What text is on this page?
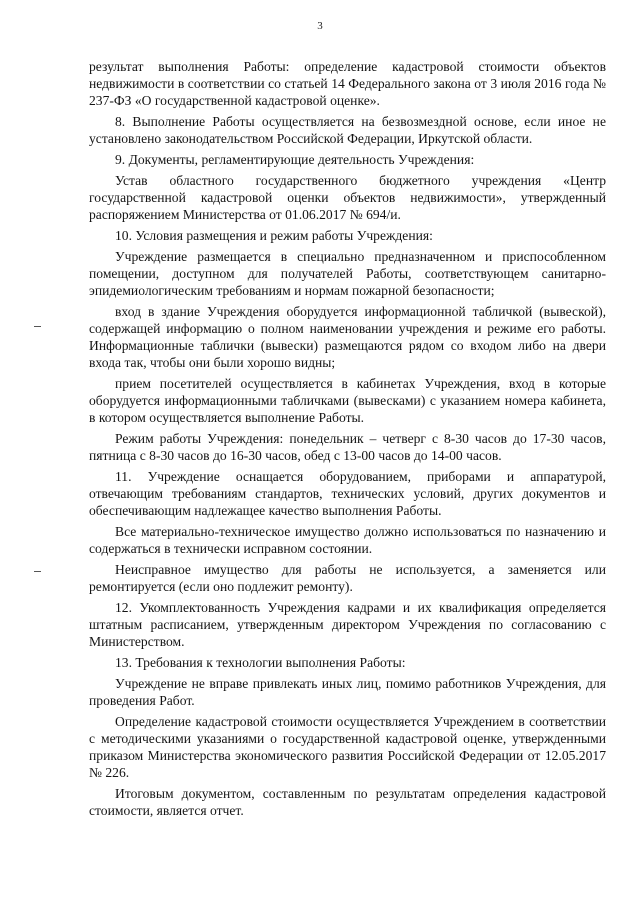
3

результат выполнения Работы: определение кадастровой стоимости объектов недвижимости в соответствии со статьей 14 Федерального закона от 3 июля 2016 года № 237-ФЗ «О государственной кадастровой оценке».

8. Выполнение Работы осуществляется на безвозмездной основе, если иное не установлено законодательством Российской Федерации, Иркутской области.

9. Документы, регламентирующие деятельность Учреждения:

Устав областного государственного бюджетного учреждения «Центр государственной кадастровой оценки объектов недвижимости», утвержденный распоряжением Министерства от 01.06.2017 № 694/и.

10. Условия размещения и режим работы Учреждения:

Учреждение размещается в специально предназначенном и приспособленном помещении, доступном для получателей Работы, соответствующем санитарно-эпидемиологическим требованиям и нормам пожарной безопасности;

вход в здание Учреждения оборудуется информационной табличкой (вывеской), содержащей информацию о полном наименовании учреждения и режиме его работы. Информационные таблички (вывески) размещаются рядом со входом либо на двери входа так, чтобы они были хорошо видны;

прием посетителей осуществляется в кабинетах Учреждения, вход в которые оборудуется информационными табличками (вывесками) с указанием номера кабинета, в котором осуществляется выполнение Работы.

Режим работы Учреждения: понедельник – четверг с 8-30 часов до 17-30 часов, пятница с 8-30 часов до 16-30 часов, обед с 13-00 часов до 14-00 часов.

11. Учреждение оснащается оборудованием, приборами и аппаратурой, отвечающим требованиям стандартов, технических условий, других документов и обеспечивающим надлежащее качество выполнения Работы.

Все материально-техническое имущество должно использоваться по назначению и содержаться в технически исправном состоянии.

Неисправное имущество для работы не используется, а заменяется или ремонтируется (если оно подлежит ремонту).

12. Укомплектованность Учреждения кадрами и их квалификация определяется штатным расписанием, утвержденным директором Учреждения по согласованию с Министерством.

13. Требования к технологии выполнения Работы:

Учреждение не вправе привлекать иных лиц, помимо работников Учреждения, для проведения Работ.

Определение кадастровой стоимости осуществляется Учреждением в соответствии с методическими указаниями о государственной кадастровой оценке, утвержденными приказом Министерства экономического развития Российской Федерации от 12.05.2017 № 226.

Итоговым документом, составленным по результатам определения кадастровой стоимости, является отчет.
